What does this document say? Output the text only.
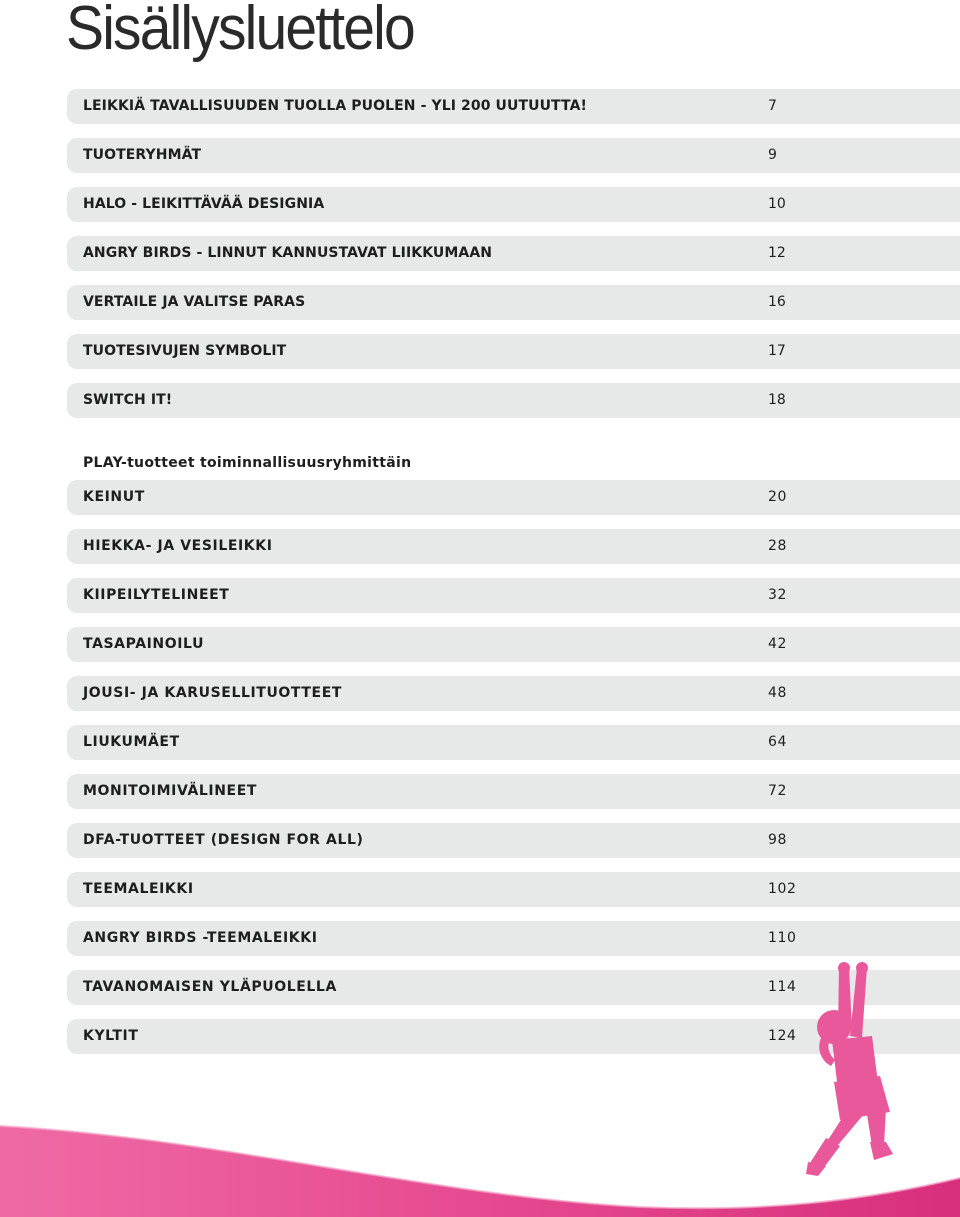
Sisällysluettelo
LEIKKIÄ TAVALLISUUDEN TUOLLA PUOLEN - YLI 200 UUTUUTTA!	7
TUOTERYHMÄT	9
HALO - LEIKITTÄVÄÄ DESIGNIA	10
ANGRY BIRDS - LINNUT KANNUSTAVAT LIIKKUMAAN	12
VERTAILE JA VALITSE PARAS	16
TUOTESIVUJEN SYMBOLIT	17
SWITCH IT!	18
PLAY-tuotteet toiminnallisuusryhmittäin
KEINUT	20
HIEKKA- JA VESILEIKKI	28
KIIPEILYTELINEET	32
TASAPAINOILU	42
JOUSI- JA KARUSELLITUOTTEET	48
LIUKUMÄET	64
MONITOIMIVÄLINEET	72
DFA-TUOTTEET (DESIGN FOR ALL)	98
TEEMALEIKKI	102
ANGRY BIRDS -TEEMALEIKKI	110
TAVANOMAISEN YLÄPUOLELLA	114
KYLTIT	124
